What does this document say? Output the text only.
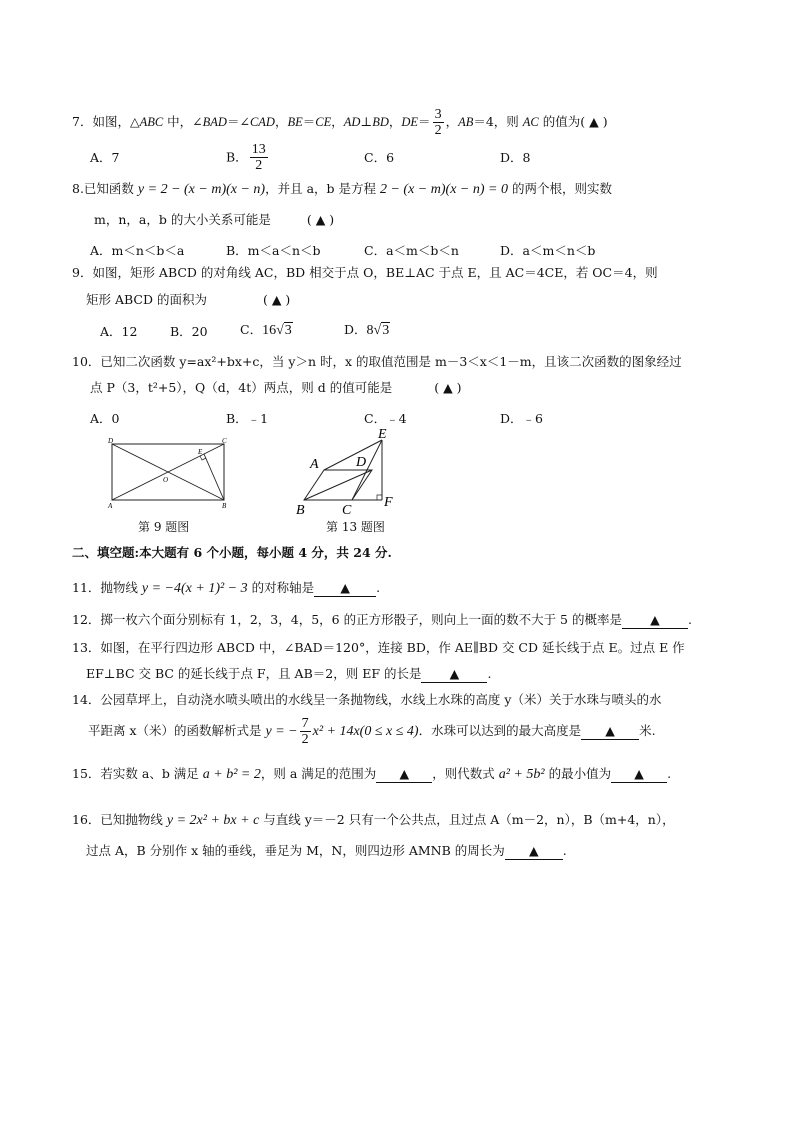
7．如图，△ABC 中，∠BAD＝∠CAD，BE＝CE，AD⊥BD，$DE= \frac{3}{2}$ ，AB＝4，则 AC 的值为( ▲ )
A．7	B． $\frac{13}{2}$	C．6	D．8
8.已知函数 y = 2 − (x − m)(x − n)，并且 a，b 是方程 2 − (x − m)(x − n) = 0 的两个根，则实数
m，n，a，b 的大小关系可能是	( ▲ )
A．m＜n＜b＜a	B．m＜a＜n＜b	C．a＜m＜b＜n	D．a＜m＜n＜b
9．如图，矩形 ABCD 的对角线 AC，BD 相交于点 O，BE⊥AC 于点 E，且 AC＝4CE，若 OC＝4，则
矩形 ABCD 的面积为	( ▲ )
A．12	B．20	C．16√3	D．8√3
10．已知二次函数 y=ax²+bx+c，当 y＞n 时，x 的取值范围是 m－3＜x＜1－m，且该二次函数的图象经过
点 P（3，t²+5），Q（d，4t）两点，则 d 的值可能是	( ▲ )
A．0	B．﹣1	C．﹣4	D．﹣6
D	C
A	B
O
E
第 9 题图
A	D
E
B	C
F
第 13 题图
二、填空题:本大题有 6 个小题，每小题 4 分，共 24 分.
11．抛物线 y = −4(x + 1)² − 3 的对称轴是 ▲ .
12．掷一枚六个面分别标有 1，2，3，4，5，6 的正方形骰子，则向上一面的数不大于 5 的概率是 ▲ .
13．如图，在平行四边形 ABCD 中，∠BAD＝120°，连接 BD，作 AE∥BD 交 CD 延长线于点 E。过点 E 作
EF⊥BC 交 BC 的延长线于点 F，且 AB＝2，则 EF 的长是 ▲ .
14．公园草坪上，自动浇水喷头喷出的水线呈一条抛物线，水线上水珠的高度 y（米）关于水珠与喷头的水
平距离 x（米）的函数解析式是 y = − $\frac{7}{2} x^2 + 14x(0 \le x \le 4)$．水珠可以达到的最大高度是 ▲ 米.
15．若实数 a、b 满足 a + b² = 2，则 a 满足的范围为 ▲ ，则代数式 a² + 5b² 的最小值为 ▲ .
16．已知抛物线 y = 2x² + bx + c 与直线 y＝－2 只有一个公共点，且过点 A（m－2，n），B（m+4，n），
过点 A，B 分别作 x 轴的垂线，垂足为 M，N，则四边形 AMNB 的周长为 ▲ .
